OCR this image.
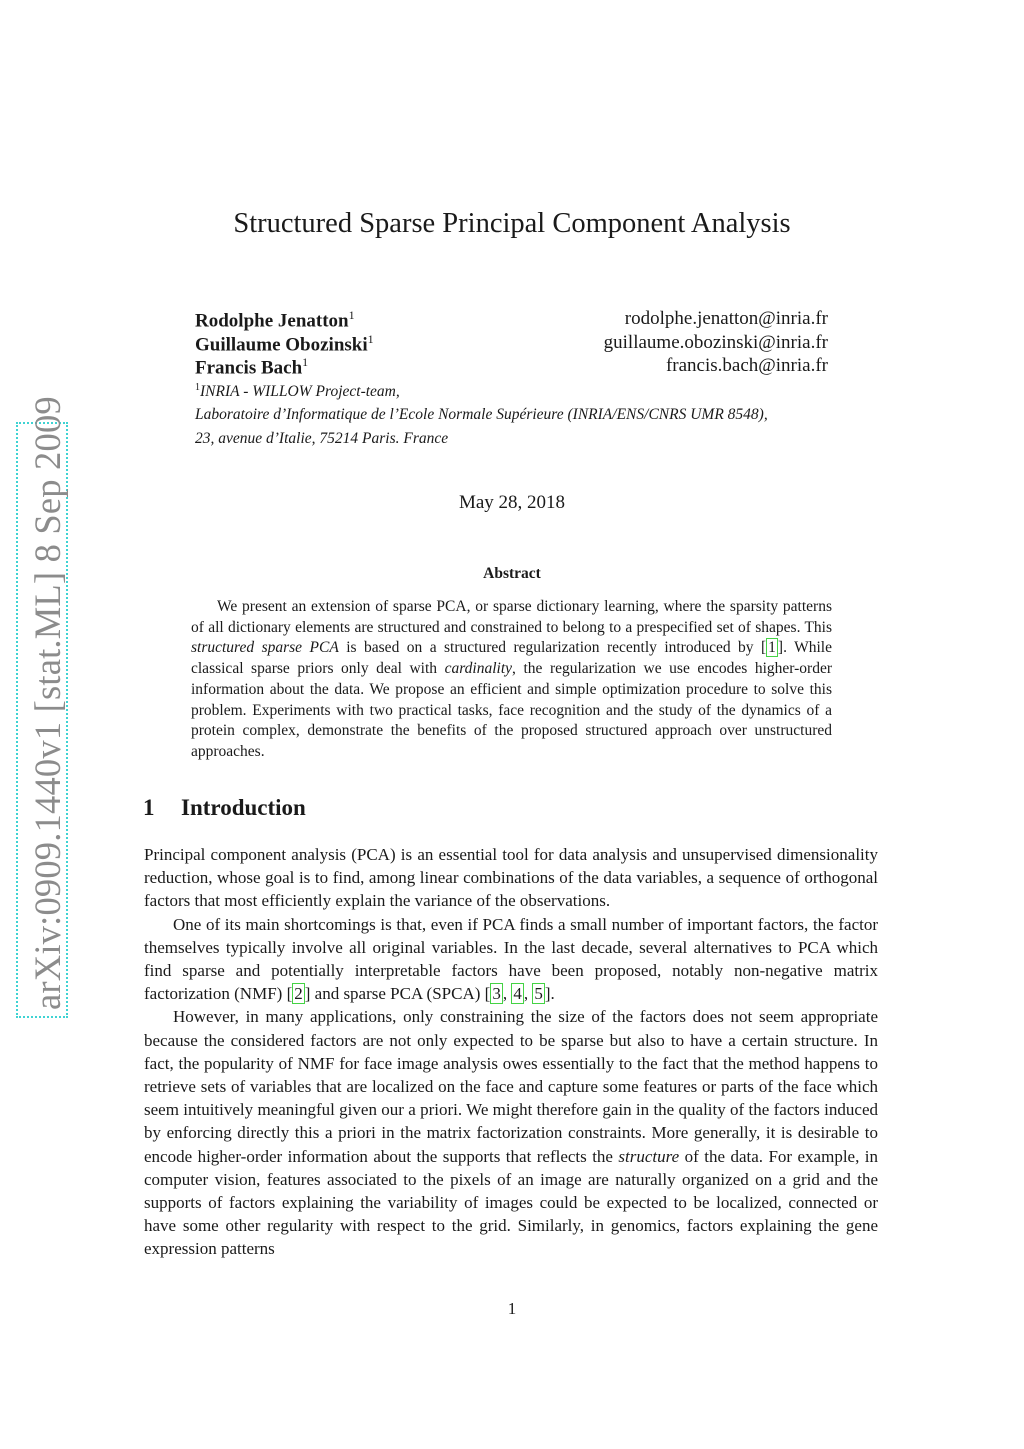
arXiv:0909.1440v1 [stat.ML] 8 Sep 2009
Structured Sparse Principal Component Analysis
Rodolphe Jenatton$^1$	rodolphe.jenatton@inria.fr
Guillaume Obozinski$^1$	guillaume.obozinski@inria.fr
Francis Bach$^1$	francis.bach@inria.fr
$^1$INRIA - WILLOW Project-team,
Laboratoire d’Informatique de l’Ecole Normale Supérieure (INRIA/ENS/CNRS UMR 8548),
23, avenue d’Italie, 75214 Paris. France
May 28, 2018
Abstract
We present an extension of sparse PCA, or sparse dictionary learning, where the sparsity patterns of all dictionary elements are structured and constrained to belong to a prespecified set of shapes. This structured sparse PCA is based on a structured regularization recently introduced by [ 1 ]. While classical sparse priors only deal with cardinality, the regularization we use encodes higher-order information about the data. We propose an efficient and simple optimization procedure to solve this problem. Experiments with two practical tasks, face recognition and the study of the dynamics of a protein complex, demonstrate the benefits of the proposed structured approach over unstructured approaches.
1 Introduction

Principal component analysis (PCA) is an essential tool for data analysis and unsupervised dimensionality reduction, whose goal is to find, among linear combinations of the data variables, a sequence of orthogonal factors that most efficiently explain the variance of the observations.

One of its main shortcomings is that, even if PCA finds a small number of important factors, the factor themselves typically involve all original variables. In the last decade, several alternatives to PCA which find sparse and potentially interpretable factors have been proposed, notably non-negative matrix factorization (NMF) [ 2 ] and sparse PCA (SPCA) [ 3 , 4 , 5 ].

However, in many applications, only constraining the size of the factors does not seem appropriate because the considered factors are not only expected to be sparse but also to have a certain structure. In fact, the popularity of NMF for face image analysis owes essentially to the fact that the method happens to retrieve sets of variables that are localized on the face and capture some features or parts of the face which seem intuitively meaningful given our a priori. We might therefore gain in the quality of the factors induced by enforcing directly this a priori in the matrix factorization constraints. More generally, it is desirable to encode higher-order information about the supports that reflects the structure of the data. For example, in computer vision, features associated to the pixels of an image are naturally organized on a grid and the supports of factors explaining the variability of images could be expected to be localized, connected or have some other regularity with respect to the grid. Similarly, in genomics, factors explaining the gene expression patterns

1
